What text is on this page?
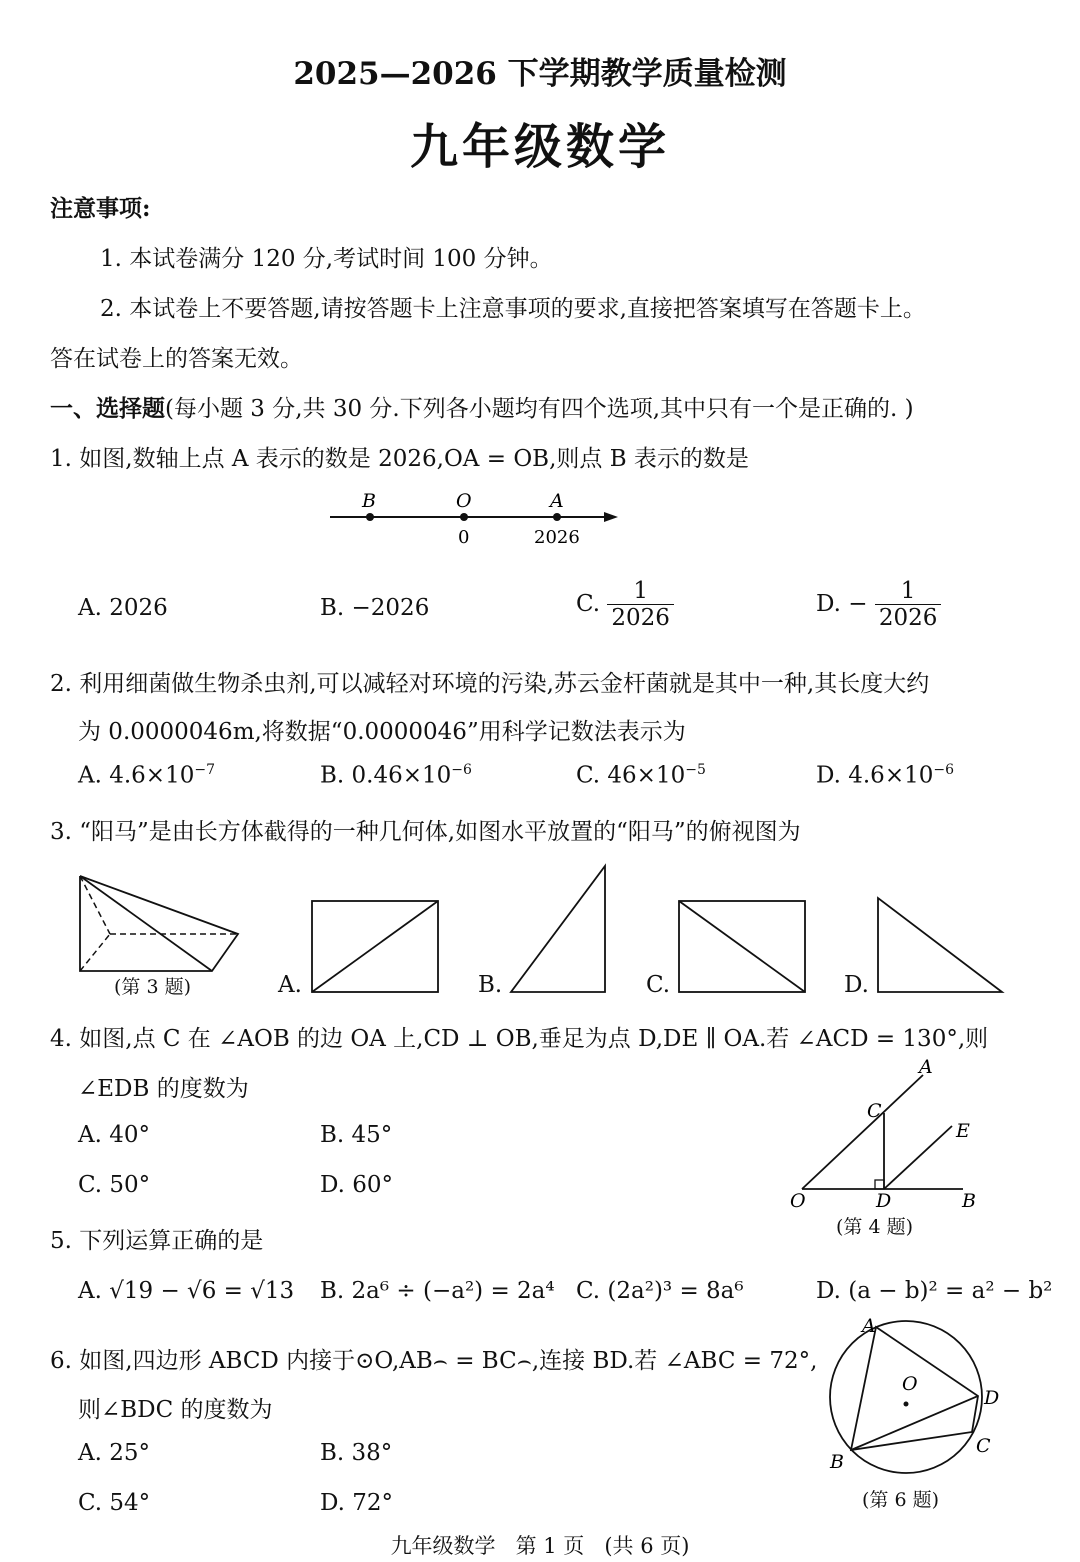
2025—2026 下学期教学质量检测
九年级数学
注意事项:
1. 本试卷满分 120 分,考试时间 100 分钟。
2. 本试卷上不要答题,请按答题卡上注意事项的要求,直接把答案填写在答题卡上。
答在试卷上的答案无效。
一、选择题(每小题 3 分,共 30 分.下列各小题均有四个选项,其中只有一个是正确的. )
1. 如图,数轴上点 A 表示的数是 2026,OA = OB,则点 B 表示的数是
B	O	A
0	2026
A. 2026	B. −2026	C. $\frac{1}{2026}$	D. − $\frac{1}{2026}$
2. 利用细菌做生物杀虫剂,可以减轻对环境的污染,苏云金杆菌就是其中一种,其长度大约
为 0.0000046m,将数据“0.0000046”用科学记数法表示为
A. $4.6\times 10^{-7}$	B. $0.46\times 10^{-6}$	C. $46\times 10^{-5}$	D. $4.6\times 10^{-6}$
3. “阳马”是由长方体截得的一种几何体,如图水平放置的“阳马”的俯视图为
(第 3 题)	A.	B.	C.	D.
4. 如图,点 C 在 ∠AOB 的边 OA 上,CD ⊥ OB,垂足为点 D,DE ∥ OA.若 ∠ACD = 130°,则
∠EDB 的度数为
A. 40°	B. 45°
C. 50°	D. 60°
A
C
E
O	D	B
(第 4 题)
5. 下列运算正确的是
A. √19 − √6 = √13 B. 2a⁶ ÷ (−a²) = 2a⁴ C. (2a²)³ = 8a⁶	D. (a − b)² = a² − b²
6. 如图,四边形 ABCD 内接于⊙O,AB⌢ = BC⌢,连接 BD.若 ∠ABC = 72°,
则∠BDC 的度数为
A. 25°	B. 38°
C. 54°	D. 72°
A
O
D
C
B
(第 6 题)
九年级数学   第 1 页   (共 6 页)
